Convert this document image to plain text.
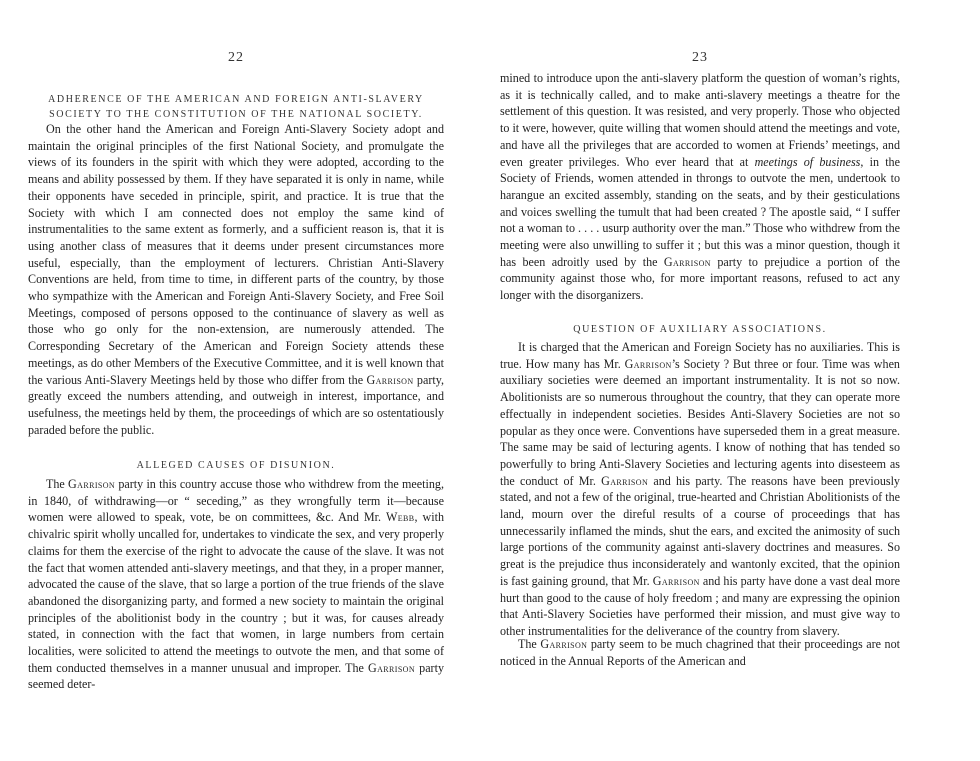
22
ADHERENCE OF THE AMERICAN AND FOREIGN ANTI-SLAVERY SOCIETY TO THE CONSTITUTION OF THE NATIONAL SOCIETY.

On the other hand the American and Foreign Anti-Slavery Society adopt and maintain the original principles of the first National Society, and promulgate the views of its founders in the spirit with which they were adopted, according to the means and ability possessed by them. If they have separated it is only in name, while their opponents have seceded in principle, spirit, and practice. It is true that the Society with which I am connected does not employ the same kind of instrumentalities to the same extent as formerly, and a sufficient reason is, that it is using another class of measures that it deems under present circumstances more useful, especially, than the employment of lecturers. Christian Anti-Slavery Conventions are held, from time to time, in different parts of the country, by those who sympathize with the American and Foreign Anti-Slavery Society, and Free Soil Meetings, composed of persons opposed to the continuance of slavery as well as those who go only for the non-extension, are numerously attended. The Corresponding Secretary of the American and Foreign Society attends these meetings, as do other Members of the Executive Committee, and it is well known that the various Anti-Slavery Meetings held by those who differ from the Garrison party, greatly exceed the numbers attending, and outweigh in interest, importance, and usefulness, the meetings held by them, the proceedings of which are so ostentatiously paraded before the public.

ALLEGED CAUSES OF DISUNION.

The Garrison party in this country accuse those who withdrew from the meeting, in 1840, of withdrawing—or “ seceding,” as they wrongfully term it—because women were allowed to speak, vote, be on committees, &c. And Mr. Webb, with chivalric spirit wholly uncalled for, undertakes to vindicate the sex, and very properly claims for them the exercise of the right to advocate the cause of the slave. It was not the fact that women attended anti-slavery meetings, and that they, in a proper manner, advocated the cause of the slave, that so large a portion of the true friends of the slave abandoned the disorganizing party, and formed a new society to maintain the original principles of the abolitionist body in the country ; but it was, for causes already stated, in connection with the fact that women, in large numbers from certain localities, were solicited to attend the meetings to outvote the men, and that some of them conducted themselves in a manner unusual and improper. The Garrison party seemed deter-

23

mined to introduce upon the anti-slavery platform the question of woman’s rights, as it is technically called, and to make anti-slavery meetings a theatre for the settlement of this question. It was resisted, and very properly. Those who objected to it were, however, quite willing that women should attend the meetings and vote, and have all the privileges that are accorded to women at Friends’ meetings, and even greater privileges. Who ever heard that at meetings of business, in the Society of Friends, women attended in throngs to outvote the men, undertook to harangue an excited assembly, standing on the seats, and by their gesticulations and voices swelling the tumult that had been created ? The apostle said, “ I suffer not a woman to . . . . usurp authority over the man.” Those who withdrew from the meeting were also unwilling to suffer it ; but this was a minor question, though it has been adroitly used by the Garrison party to prejudice a portion of the community against those who, for more important reasons, refused to act any longer with the disorganizers.

QUESTION OF AUXILIARY ASSOCIATIONS.

It is charged that the American and Foreign Society has no auxiliaries. This is true. How many has Mr. Garrison’s Society ? But three or four. Time was when auxiliary societies were deemed an important instrumentality. It is not so now. Abolitionists are so numerous throughout the country, that they can operate more effectually in independent societies. Besides Anti-Slavery Societies are not so popular as they once were. Conventions have superseded them in a great measure. The same may be said of lecturing agents. I know of nothing that has tended so powerfully to bring Anti-Slavery Societies and lecturing agents into disesteem as the conduct of Mr. Garrison and his party. The reasons have been previously stated, and not a few of the original, true-hearted and Christian Abolitionists of the land, mourn over the direful results of a course of proceedings that has unnecessarily inflamed the minds, shut the ears, and excited the animosity of such large portions of the community against anti-slavery doctrines and measures. So great is the prejudice thus inconsiderately and wantonly excited, that the opinion is fast gaining ground, that Mr. Garrison and his party have done a vast deal more hurt than good to the cause of holy freedom ; and many are expressing the opinion that Anti-Slavery Societies have performed their mission, and must give way to other instrumentalities for the deliverance of the country from slavery.

The Garrison party seem to be much chagrined that their proceedings are not noticed in the Annual Reports of the American and
